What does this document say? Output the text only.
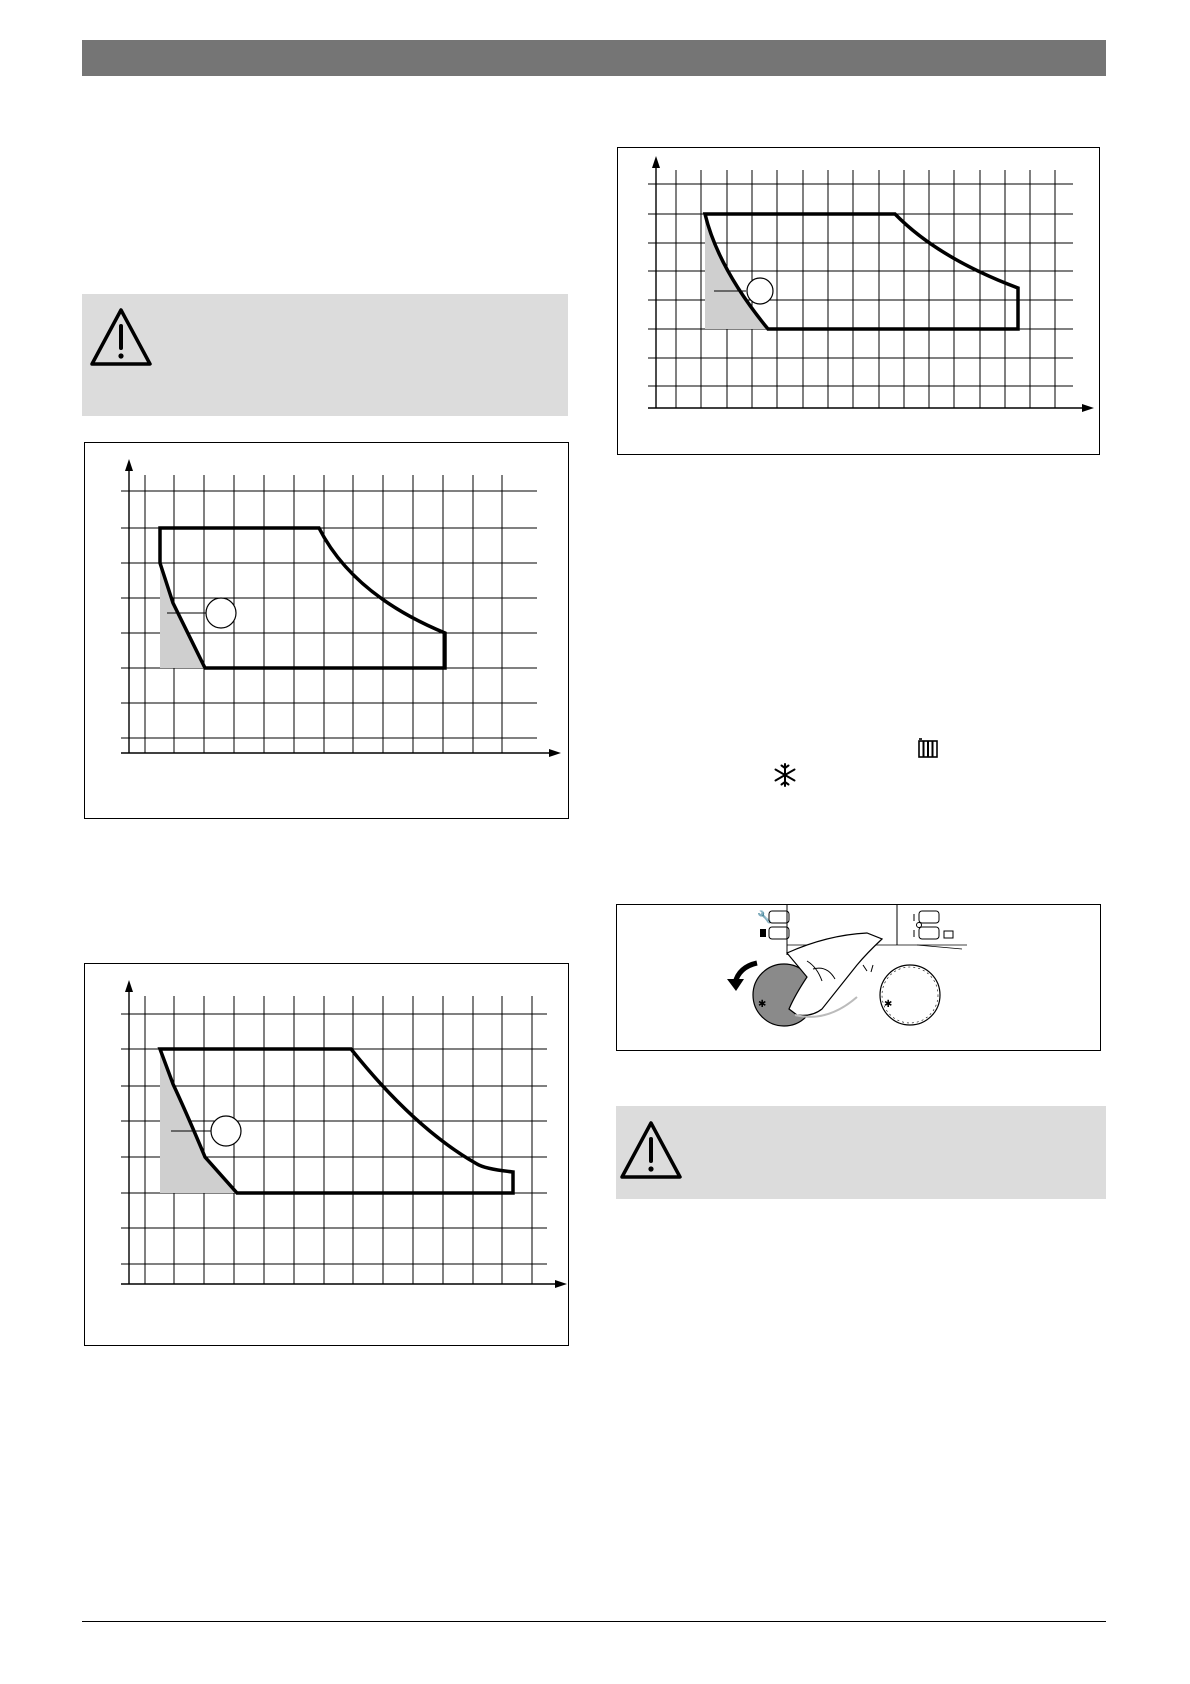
🔧
✱	✱
